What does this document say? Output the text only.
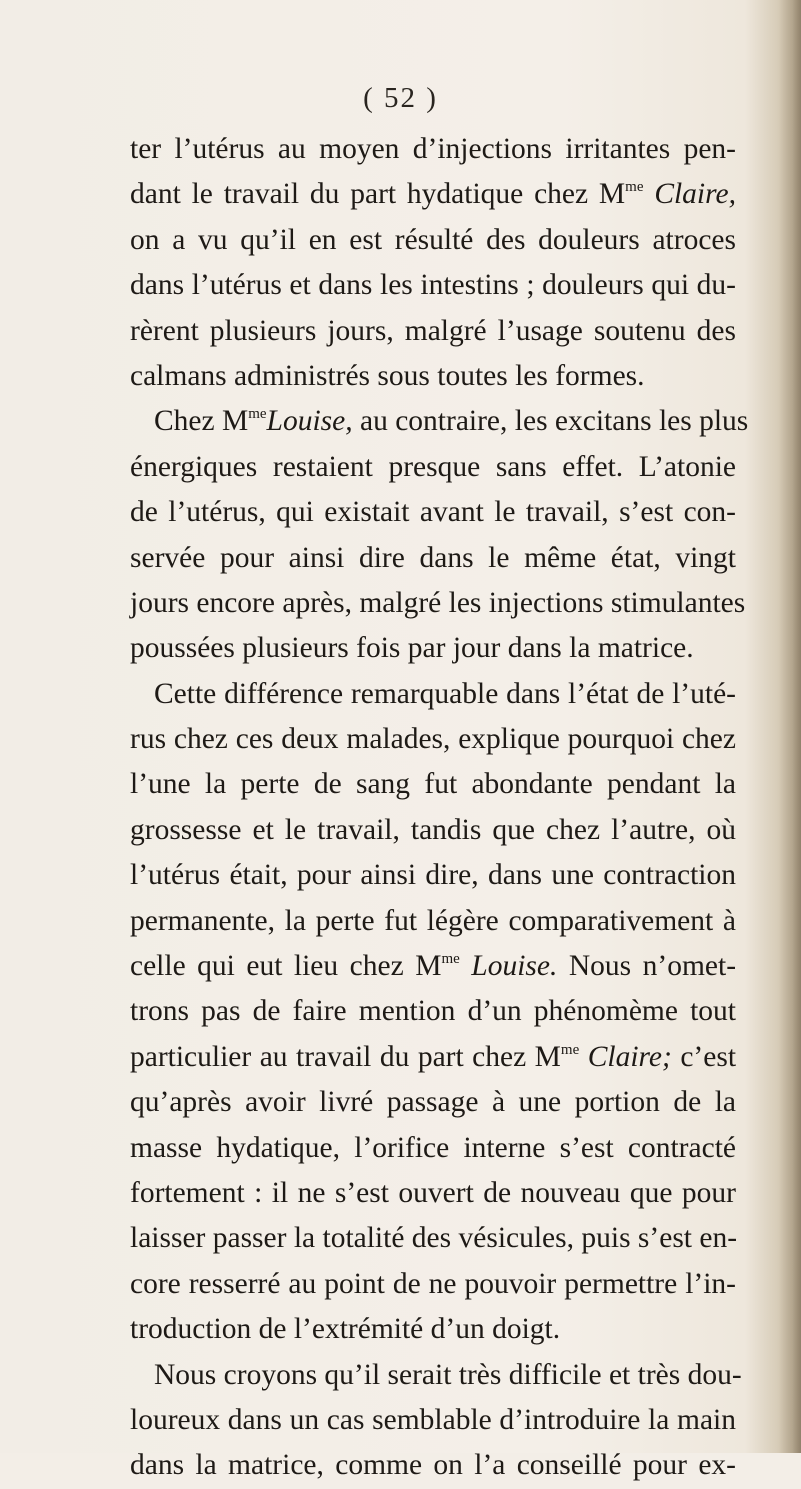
( 52 )
ter l’utérus au moyen d’injections irritantes pen-
dant le travail du part hydatique chez $M^{me}$ Claire,
on a vu qu’il en est résulté des douleurs atroces
dans l’utérus et dans les intestins ; douleurs qui du-
rèrent plusieurs jours, malgré l’usage soutenu des
calmans administrés sous toutes les formes.
Chez $M^{me}Louise$, au contraire, les excitans les plus
énergiques restaient presque sans effet. L’atonie
de l’utérus, qui existait avant le travail, s’est con-
servée pour ainsi dire dans le même état, vingt
jours encore après, malgré les injections stimulantes
poussées plusieurs fois par jour dans la matrice.
Cette différence remarquable dans l’état de l’uté-
rus chez ces deux malades, explique pourquoi chez
l’une la perte de sang fut abondante pendant la
grossesse et le travail, tandis que chez l’autre, où
l’utérus était, pour ainsi dire, dans une contraction
permanente, la perte fut légère comparativement à
celle qui eut lieu chez $M^{me}$ Louise. Nous n’omet-
trons pas de faire mention d’un phénomème tout
particulier au travail du part chez $M^{me}$ Claire; c’est
qu’après avoir livré passage à une portion de la
masse hydatique, l’orifice interne s’est contracté
fortement : il ne s’est ouvert de nouveau que pour
laisser passer la totalité des vésicules, puis s’est en-
core resserré au point de ne pouvoir permettre l’in-
troduction de l’extrémité d’un doigt.
Nous croyons qu’il serait très difficile et très dou-
loureux dans un cas semblable d’introduire la main
dans la matrice, comme on l’a conseillé pour ex-
